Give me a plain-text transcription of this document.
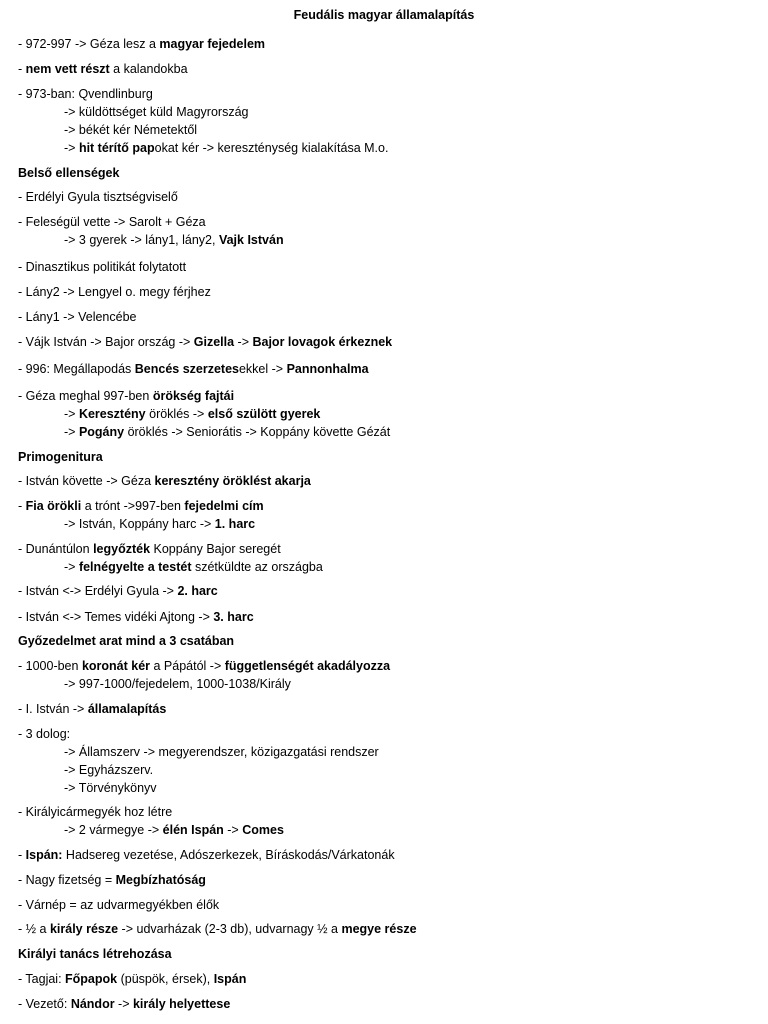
Feudális magyar államalapítás
- 972-997 -> Géza lesz a magyar fejedelem
- nem vett részt a kalandokba
- 973-ban: Qvendlinburg
-> küldöttséget küld Magyrország
-> békét kér Németektől
-> hit térítő papokat kér -> kereszténység kialakítása M.o.
Belső ellenségek
- Erdélyi Gyula tisztségviselő
- Feleségül vette -> Sarolt + Géza
-> 3 gyerek -> lány1, lány2, Vajk István
- Dinasztikus politikát folytatott
- Lány2 -> Lengyel o. megy férjhez
- Lány1 -> Velencébe
- Vájk István -> Bajor ország -> Gizella -> Bajor lovagok érkeznek
- 996: Megállapodás Bencés szerzetesekkel -> Pannonhalma
- Géza meghal 997-ben örökség fajtái
-> Keresztény öröklés -> első szülött gyerek
-> Pogány öröklés -> Seniorátis -> Koppány követte Gézát
Primogenitura
- István követte -> Géza keresztény öröklést akarja
- Fia örökli a trónt ->997-ben fejedelmi cím
-> István, Koppány harc -> 1. harc
- Dunántúlon legyőzték Koppány Bajor seregét
-> felnégyelte a testét szétküldte az országba
- István <-> Erdélyi Gyula -> 2. harc
- István <-> Temes vidéki Ajtong -> 3. harc
Győzedelmet arat mind a 3 csatában
- 1000-ben koronát kér a Pápától -> függetlenségét akadályozza
-> 997-1000/fejedelem, 1000-1038/Király
- I. István -> államalapítás
- 3 dolog:
-> Államszerv -> megyerendszer, közigazgatási rendszer
-> Egyházszerv.
-> Törvénykönyv
- Királyicármegyék hoz létre
-> 2 vármegye -> élén Ispán -> Comes
- Ispán: Hadsereg vezetése, Adószerkezek, Bíráskodás/Várkatonák
- Nagy fizetség = Megbízhatóság
- Várnép = az udvarmegyékben élők
- ½ a király része -> udvarházak (2-3 db), udvarnagy ½ a megye része
Királyi tanács létrehozása
- Tagjai: Főpapok (püspök, érsek), Ispán
- Vezető: Nándor -> király helyettese
